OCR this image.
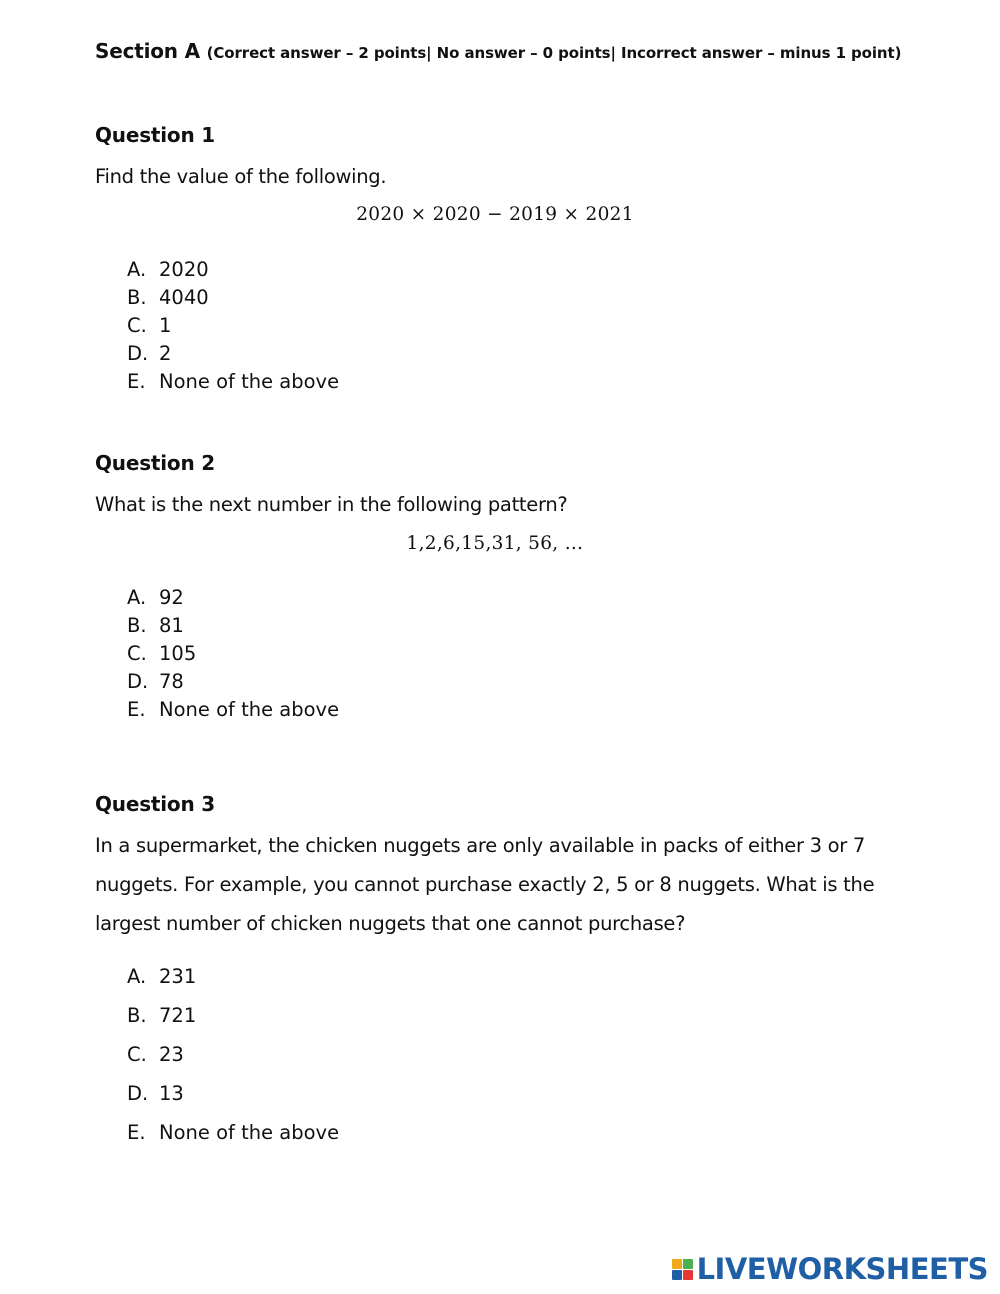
Section A (Correct answer – 2 points| No answer – 0 points| Incorrect answer – minus 1 point)
Question 1
Find the value of the following.
2020 × 2020 − 2019 × 2021
A. 2020
B. 4040
C. 1
D. 2
E. None of the above
Question 2
What is the next number in the following pattern?
1,2,6,15,31, 56, …
A. 92
B. 81
C. 105
D. 78
E. None of the above
Question 3
In a supermarket, the chicken nuggets are only available in packs of either 3 or 7 nuggets. For example, you cannot purchase exactly 2, 5 or 8 nuggets. What is the largest number of chicken nuggets that one cannot purchase?
A. 231
B. 721
C. 23
D. 13
E. None of the above
LIVEWORKSHEETS
